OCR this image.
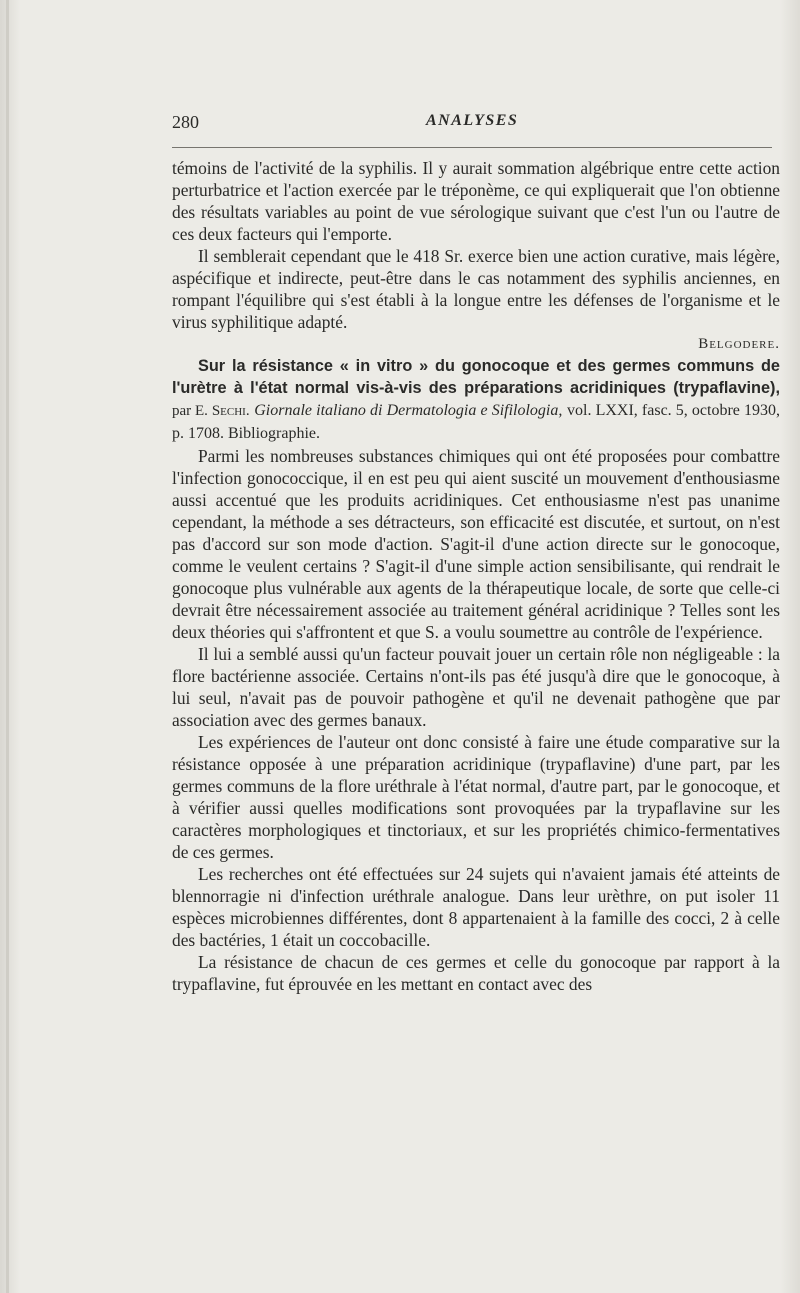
280	ANALYSES

témoins de l'activité de la syphilis. Il y aurait sommation algébrique entre cette action perturbatrice et l'action exercée par le tréponème, ce qui expliquerait que l'on obtienne des résultats variables au point de vue sérologique suivant que c'est l'un ou l'autre de ces deux facteurs qui l'emporte.

Il semblerait cependant que le 418 Sr. exerce bien une action curative, mais légère, aspécifique et indirecte, peut-être dans le cas notamment des syphilis anciennes, en rompant l'équilibre qui s'est établi à la longue entre les défenses de l'organisme et le virus syphilitique adapté.

Belgodere.

Sur la résistance « in vitro » du gonocoque et des germes communs de l'urètre à l'état normal vis-à-vis des préparations acridiniques (trypaflavine), par E. Sechi. Giornale italiano di Dermatologia e Sifilologia, vol. LXXI, fasc. 5, octobre 1930, p. 1708. Bibliographie.

Parmi les nombreuses substances chimiques qui ont été proposées pour combattre l'infection gonococcique, il en est peu qui aient suscité un mouvement d'enthousiasme aussi accentué que les produits acridiniques. Cet enthousiasme n'est pas unanime cependant, la méthode a ses détracteurs, son efficacité est discutée, et surtout, on n'est pas d'accord sur son mode d'action. S'agit-il d'une action directe sur le gonocoque, comme le veulent certains ? S'agit-il d'une simple action sensibilisante, qui rendrait le gonocoque plus vulnérable aux agents de la thérapeutique locale, de sorte que celle-ci devrait être nécessairement associée au traitement général acridinique ? Telles sont les deux théories qui s'affrontent et que S. a voulu soumettre au contrôle de l'expérience.

Il lui a semblé aussi qu'un facteur pouvait jouer un certain rôle non négligeable : la flore bactérienne associée. Certains n'ont-ils pas été jusqu'à dire que le gonocoque, à lui seul, n'avait pas de pouvoir pathogène et qu'il ne devenait pathogène que par association avec des germes banaux.

Les expériences de l'auteur ont donc consisté à faire une étude comparative sur la résistance opposée à une préparation acridinique (trypaflavine) d'une part, par les germes communs de la flore uréthrale à l'état normal, d'autre part, par le gonocoque, et à vérifier aussi quelles modifications sont provoquées par la trypaflavine sur les caractères morphologiques et tinctoriaux, et sur les propriétés chimico-fermentatives de ces germes.

Les recherches ont été effectuées sur 24 sujets qui n'avaient jamais été atteints de blennorragie ni d'infection uréthrale analogue. Dans leur urèthre, on put isoler 11 espèces microbiennes différentes, dont 8 appartenaient à la famille des cocci, 2 à celle des bactéries, 1 était un coccobacille.

La résistance de chacun de ces germes et celle du gonocoque par rapport à la trypaflavine, fut éprouvée en les mettant en contact avec des
